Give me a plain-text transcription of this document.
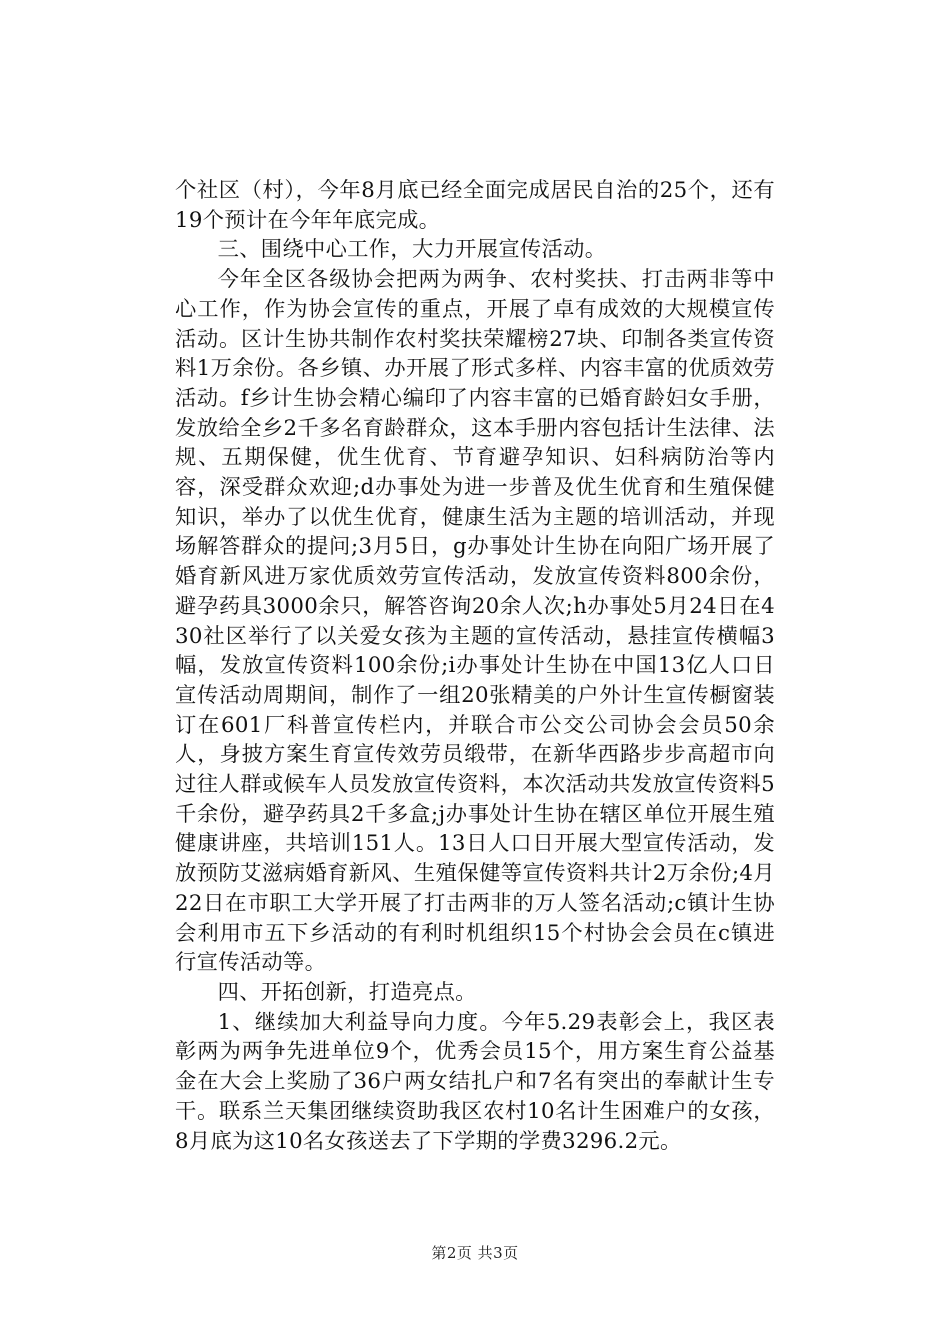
个社区（村），今年8月底已经全面完成居民自治的25个，还有19个预计在今年年底完成。

三、围绕中心工作，大力开展宣传活动。

今年全区各级协会把两为两争、农村奖扶、打击两非等中心工作，作为协会宣传的重点，开展了卓有成效的大规模宣传活动。区计生协共制作农村奖扶荣耀榜27块、印制各类宣传资料1万余份。各乡镇、办开展了形式多样、内容丰富的优质效劳活动。f乡计生协会精心编印了内容丰富的已婚育龄妇女手册，发放给全乡2千多名育龄群众，这本手册内容包括计生法律、法规、五期保健，优生优育、节育避孕知识、妇科病防治等内容，深受群众欢迎;d办事处为进一步普及优生优育和生殖保健知识，举办了以优生优育，健康生活为主题的培训活动，并现场解答群众的提问;3月5日，g办事处计生协在向阳广场开展了婚育新风进万家优质效劳宣传活动，发放宣传资料800余份，避孕药具3000余只，解答咨询20余人次;h办事处5月24日在430社区举行了以关爱女孩为主题的宣传活动，悬挂宣传横幅3幅，发放宣传资料100余份;i办事处计生协在中国13亿人口日宣传活动周期间，制作了一组20张精美的户外计生宣传橱窗装订在601厂科普宣传栏内，并联合市公交公司协会会员50余人，身披方案生育宣传效劳员缎带，在新华西路步步高超市向过往人群或候车人员发放宣传资料，本次活动共发放宣传资料5千余份，避孕药具2千多盒;j办事处计生协在辖区单位开展生殖健康讲座，共培训151人。13日人口日开展大型宣传活动，发放预防艾滋病婚育新风、生殖保健等宣传资料共计2万余份;4月22日在市职工大学开展了打击两非的万人签名活动;c镇计生协会利用市五下乡活动的有利时机组织15个村协会会员在c镇进行宣传活动等。

四、开拓创新，打造亮点。

1、继续加大利益导向力度。今年5.29表彰会上，我区表彰两为两争先进单位9个，优秀会员15个，用方案生育公益基金在大会上奖励了36户两女结扎户和7名有突出的奉献计生专干。联系兰天集团继续资助我区农村10名计生困难户的女孩，8月底为这10名女孩送去了下学期的学费3296.2元。

第2页 共3页
